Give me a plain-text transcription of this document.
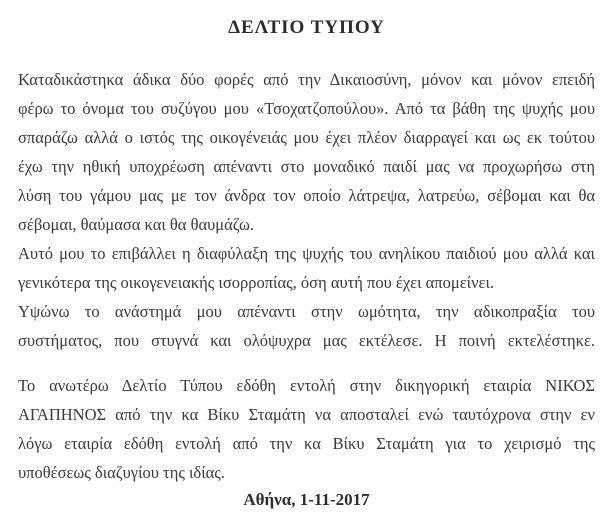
ΔΕΛΤΙΟ ΤΥΠΟΥ
Καταδικάστηκα άδικα δύο φορές από την Δικαιοσύνη, μόνον και μόνον επειδή
φέρω το όνομα του συζύγου μου «Τσοχατζοπούλου». Από τα βάθη της ψυχής μου
σπαράζω αλλά ο ιστός της οικογένειάς μου έχει πλέον διαρραγεί και ως εκ τούτου
έχω την ηθική υποχρέωση απέναντι στο μοναδικό παιδί μας να προχωρήσω στη
λύση του γάμου μας με τον άνδρα τον οποίο λάτρεψα, λατρεύω, σέβομαι και θα
σέβομαι, θαύμασα και θα θαυμάζω.
Αυτό μου το επιβάλλει η διαφύλαξη της ψυχής του ανηλίκου παιδιού μου αλλά και
γενικότερα της οικογενειακής ισορροπίας, όση αυτή που έχει απομείνει.
Υψώνω το ανάστημά μου απέναντι στην ωμότητα, την αδικοπραξία του
συστήματος, που στυγνά και ολόψυχρα μας εκτέλεσε. Η ποινή εκτελέστηκε.
Το ανωτέρω Δελτίο Τύπου εδόθη εντολή στην δικηγορική εταιρία ΝΙΚΟΣ
ΑΓΑΠΗΝΟΣ από την κα Βίκυ Σταμάτη να αποσταλεί ενώ ταυτόχρονα στην εν
λόγω εταιρία εδόθη εντολή από την κα Βίκυ Σταμάτη για το χειρισμό της
υποθέσεως διαζυγίου της ιδίας.
Αθήνα, 1-11-2017
